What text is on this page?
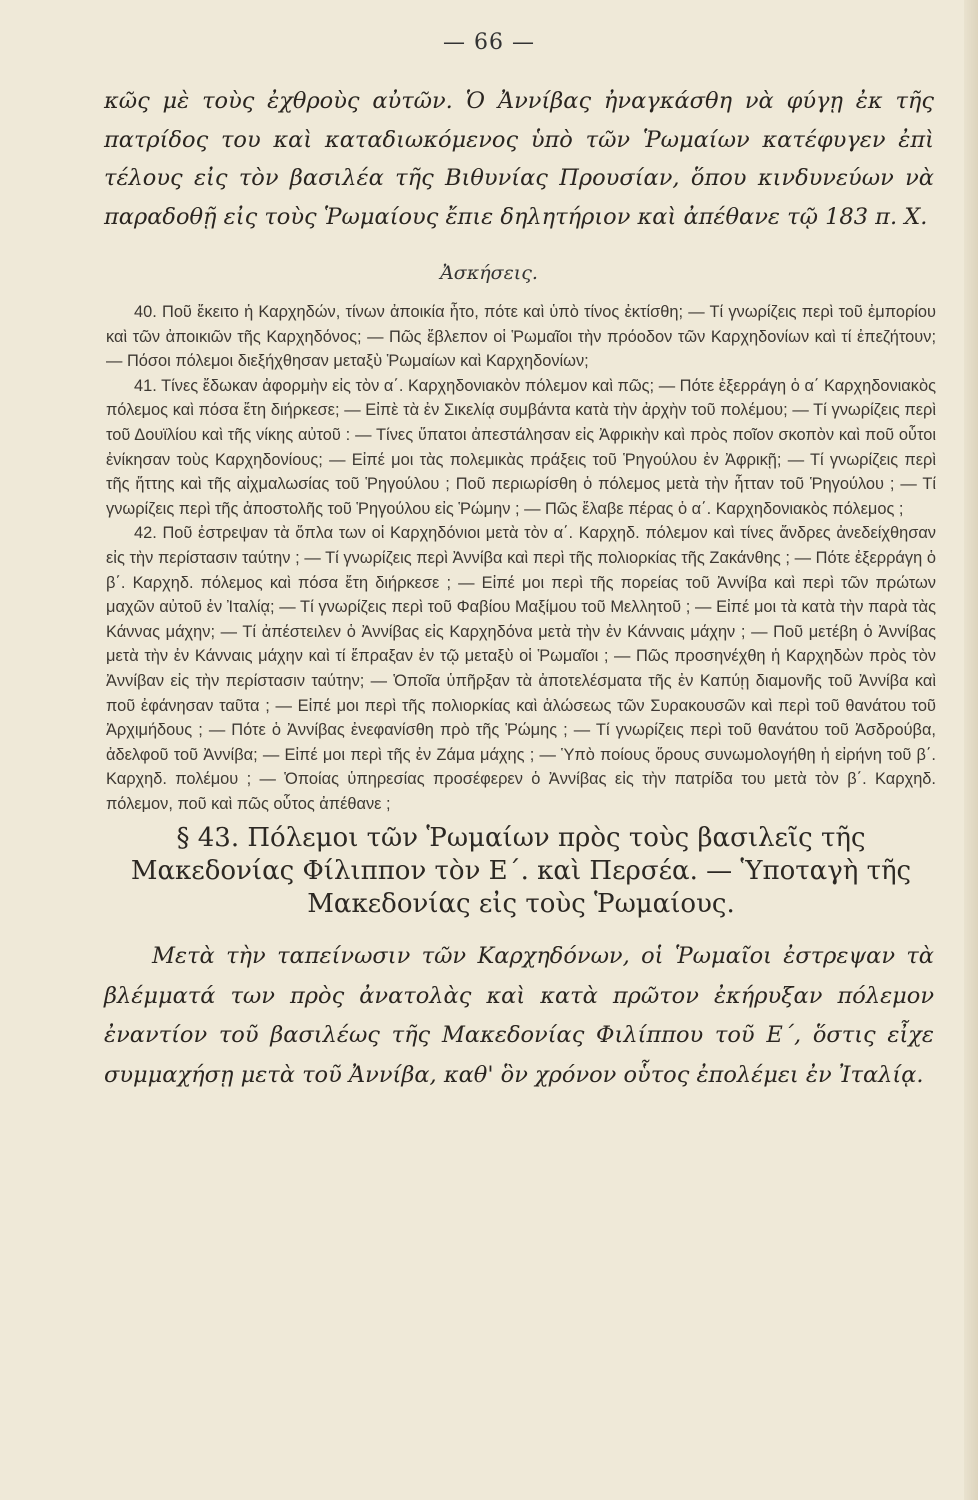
— 66 —

κῶς μὲ τοὺς ἐχθροὺς αὐτῶν. Ὁ Ἀννίβας ἠναγκάσθη νὰ φύγῃ ἐκ τῆς πατρίδος του καὶ καταδιωκόμενος ὑπὸ τῶν Ῥωμαίων κατέφυγεν ἐπὶ τέλους εἰς τὸν βασιλέα τῆς Βιθυνίας Προυσίαν, ὅπου κινδυνεύων νὰ παραδοθῇ εἰς τοὺς Ῥωμαίους ἔπιε δηλητήριον καὶ ἀπέθανε τῷ 183 π. Χ.

Ἀσκήσεις.

40. Ποῦ ἔκειτο ἡ Καρχηδών, τίνων ἀποικία ἦτο, πότε καὶ ὑπὸ τίνος ἐκτίσθη; — Τί γνωρίζεις περὶ τοῦ ἐμπορίου καὶ τῶν ἀποικιῶν τῆς Καρχηδόνος; — Πῶς ἔβλεπον οἱ Ῥωμαῖοι τὴν πρόοδον τῶν Καρχηδονίων καὶ τί ἐπεζήτουν; — Πόσοι πόλεμοι διεξήχθησαν μεταξὺ Ῥωμαίων καὶ Καρχηδονίων;

41. Τίνες ἔδωκαν ἀφορμὴν εἰς τὸν α΄. Καρχηδονιακὸν πόλεμον καὶ πῶς; — Πότε ἐξερράγη ὁ α΄ Καρχηδονιακὸς πόλεμος καὶ πόσα ἔτη διήρκεσε; — Εἰπὲ τὰ ἐν Σικελίᾳ συμβάντα κατὰ τὴν ἀρχὴν τοῦ πολέμου; — Τί γνωρίζεις περὶ τοῦ Δουϊλίου καὶ τῆς νίκης αὐτοῦ : — Τίνες ὕπατοι ἀπεστάλησαν εἰς Ἀφρικὴν καὶ πρὸς ποῖον σκοπὸν καὶ ποῦ οὗτοι ἐνίκησαν τοὺς Καρχηδονίους; — Εἰπέ μοι τὰς πολεμικὰς πράξεις τοῦ Ῥηγούλου ἐν Ἀφρικῇ; — Τί γνωρίζεις περὶ τῆς ἥττης καὶ τῆς αἰχμαλωσίας τοῦ Ῥηγούλου ; Ποῦ περιωρίσθη ὁ πόλεμος μετὰ τὴν ἧτταν τοῦ Ῥηγούλου ; — Τί γνωρίζεις περὶ τῆς ἀποστολῆς τοῦ Ῥηγούλου εἰς Ῥώμην ; — Πῶς ἔλαβε πέρας ὁ α΄. Καρχηδονιακὸς πόλεμος ;

42. Ποῦ ἐστρεψαν τὰ ὅπλα των οἱ Καρχηδόνιοι μετὰ τὸν α΄. Καρχηδ. πόλεμον καὶ τίνες ἄνδρες ἀνεδείχθησαν εἰς τὴν περίστασιν ταύτην ; — Τί γνωρίζεις περὶ Ἀννίβα καὶ περὶ τῆς πολιορκίας τῆς Ζακάνθης ; — Πότε ἐξερράγη ὁ β΄. Καρχηδ. πόλεμος καὶ πόσα ἔτη διήρκεσε ; — Εἰπέ μοι περὶ τῆς πορείας τοῦ Ἀννίβα καὶ περὶ τῶν πρώτων μαχῶν αὐτοῦ ἐν Ἰταλίᾳ; — Τί γνωρίζεις περὶ τοῦ Φαβίου Μαξίμου τοῦ Μελλητοῦ ; — Εἰπέ μοι τὰ κατὰ τὴν παρὰ τὰς Κάννας μάχην; — Τί ἀπέστειλεν ὁ Ἀννίβας εἰς Καρχηδόνα μετὰ τὴν ἐν Κάνναις μάχην ; — Ποῦ μετέβη ὁ Ἀννίβας μετὰ τὴν ἐν Κάνναις μάχην καὶ τί ἔπραξαν ἐν τῷ μεταξὺ οἱ Ῥωμαῖοι ; — Πῶς προσηνέχθη ἡ Καρχηδὼν πρὸς τὸν Ἀννίβαν εἰς τὴν περίστασιν ταύτην; — Ὁποῖα ὑπῆρξαν τὰ ἀποτελέσματα τῆς ἐν Καπύῃ διαμονῆς τοῦ Ἀννίβα καὶ ποῦ ἐφάνησαν ταῦτα ; — Εἰπέ μοι περὶ τῆς πολιορκίας καὶ ἁλώσεως τῶν Συρακουσῶν καὶ περὶ τοῦ θανάτου τοῦ Ἀρχιμήδους ; — Πότε ὁ Ἀννίβας ἐνεφανίσθη πρὸ τῆς Ῥώμης ; — Τί γνωρίζεις περὶ τοῦ θανάτου τοῦ Ἀσδρούβα, ἀδελφοῦ τοῦ Ἀννίβα; — Εἰπέ μοι περὶ τῆς ἐν Ζάμα μάχης ; — Ὑπὸ ποίους ὅρους συνωμολογήθη ἡ εἰρήνη τοῦ β΄. Καρχηδ. πολέμου ; — Ὁποίας ὑπηρεσίας προσέφερεν ὁ Ἀννίβας εἰς τὴν πατρίδα του μετὰ τὸν β΄. Καρχηδ. πόλεμον, ποῦ καὶ πῶς οὗτος ἀπέθανε ;

§ 43. Πόλεμοι τῶν Ῥωμαίων πρὸς τοὺς βασιλεῖς τῆς Μακεδονίας Φίλιππον τὸν Ε΄. καὶ Περσέα. — Ὑποταγὴ τῆς Μακεδονίας εἰς τοὺς Ῥωμαίους.

Μετὰ τὴν ταπείνωσιν τῶν Καρχηδόνων, οἱ Ῥωμαῖοι ἐστρεψαν τὰ βλέμματά των πρὸς ἀνατολὰς καὶ κατὰ πρῶτον ἐκήρυξαν πόλεμον ἐναντίον τοῦ βασιλέως τῆς Μακεδονίας Φιλίππου τοῦ Ε΄, ὅστις εἶχε συμμαχήσῃ μετὰ τοῦ Ἀννίβα, καθ' ὃν χρόνον οὗτος ἐπολέμει ἐν Ἰταλίᾳ.
